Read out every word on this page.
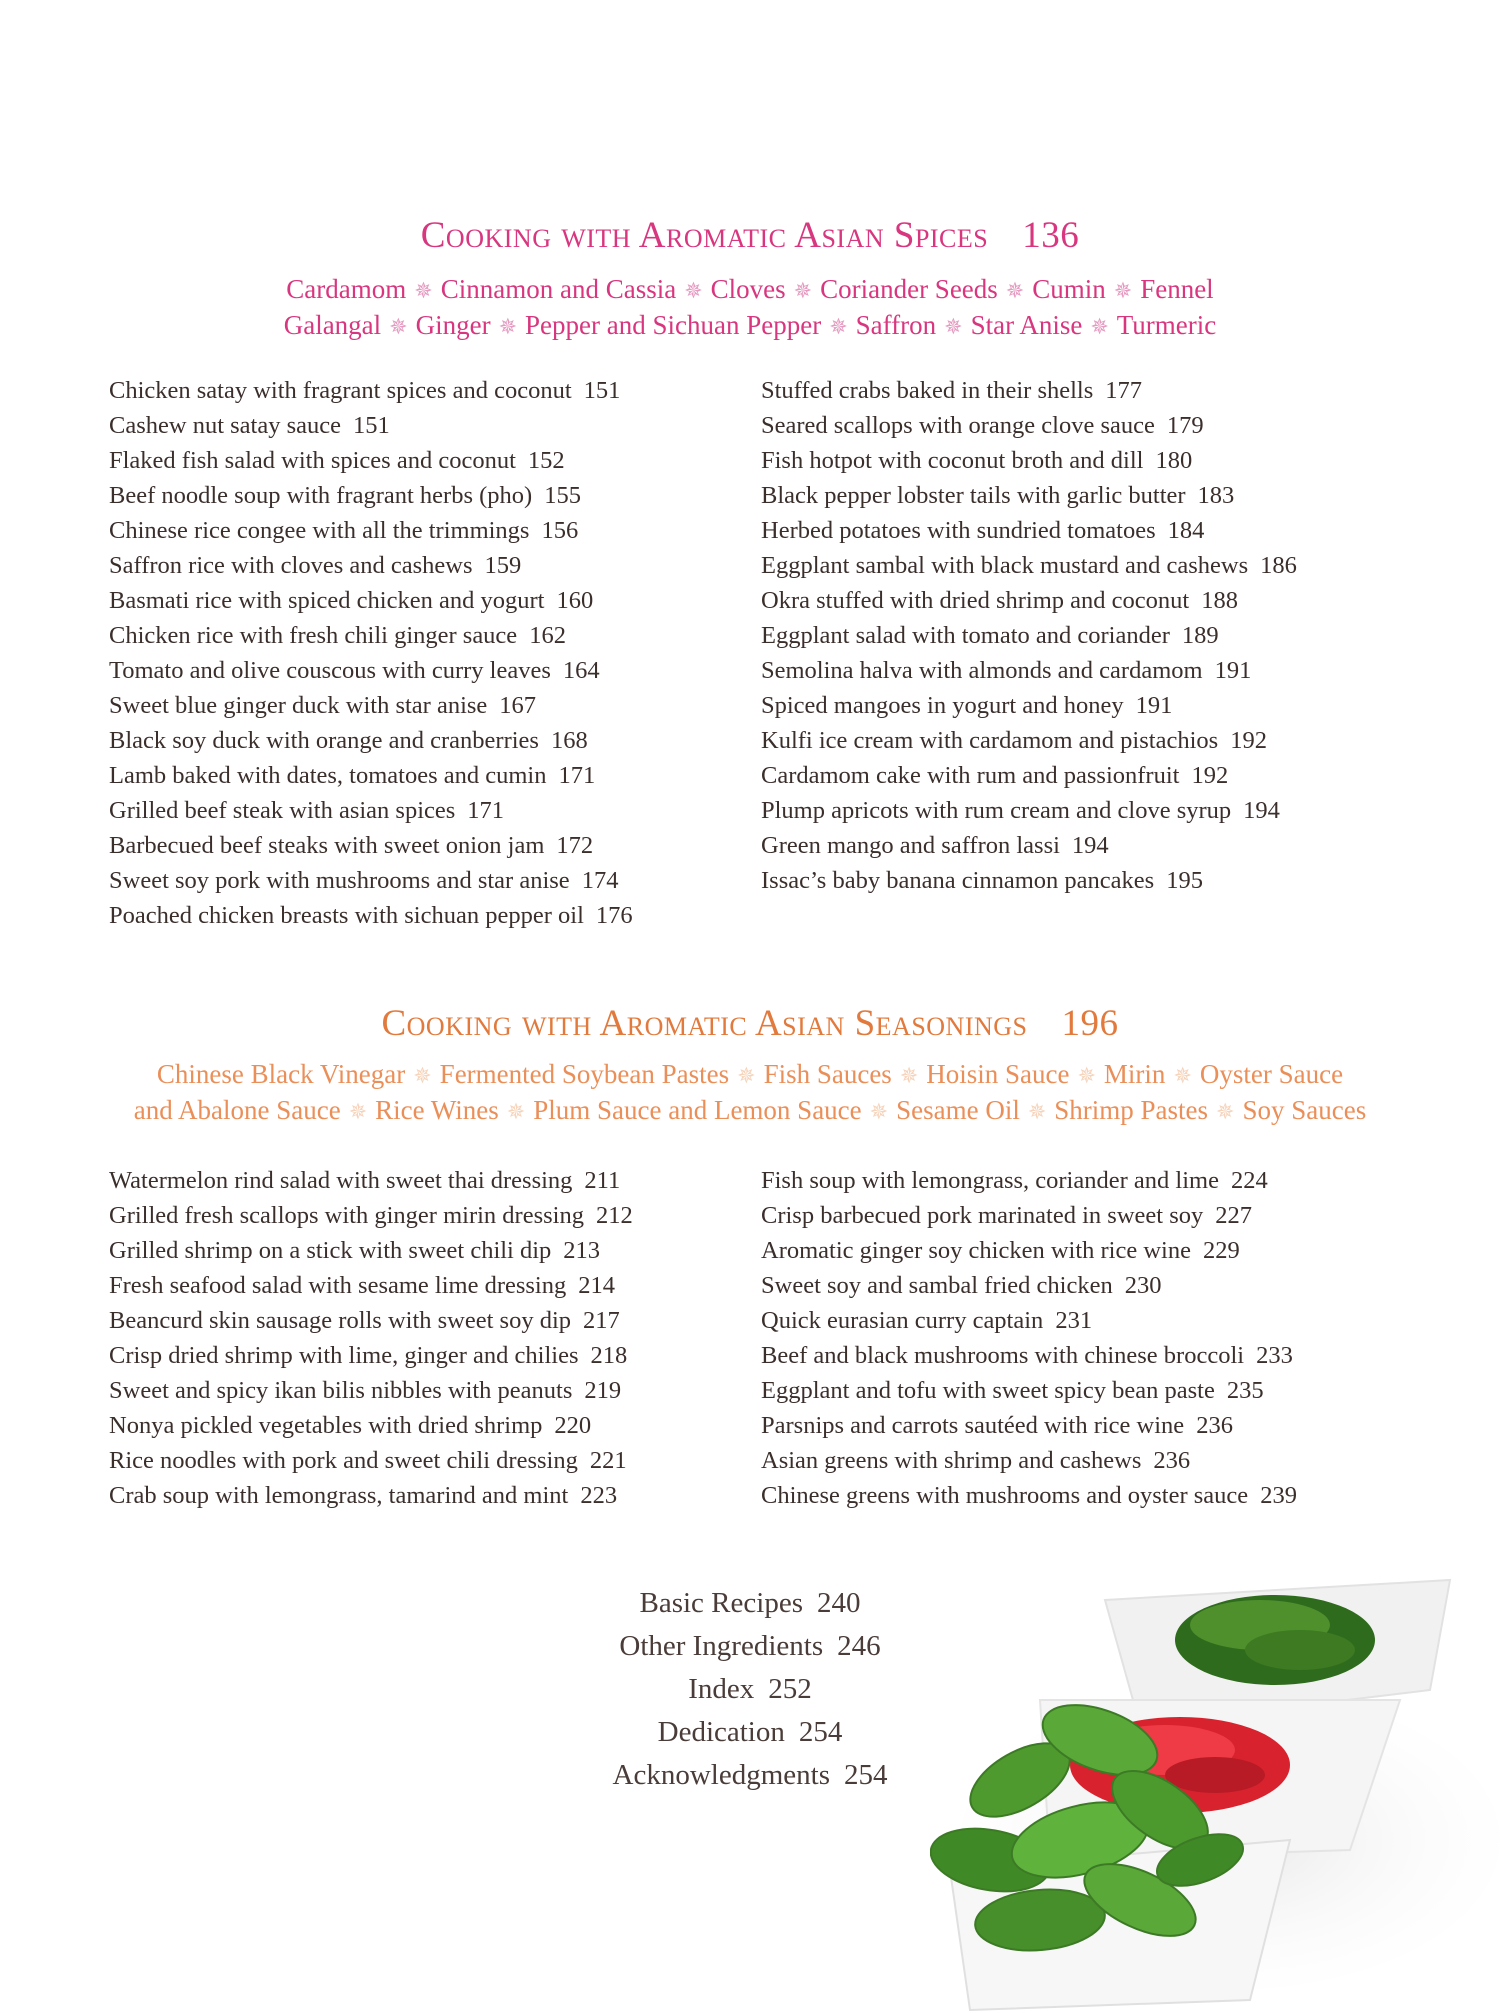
Cooking with Aromatic Asian Spices 136
Cardamom ✵ Cinnamon and Cassia ✵ Cloves ✵ Coriander Seeds ✵ Cumin ✵ Fennel
Galangal ✵ Ginger ✵ Pepper and Sichuan Pepper ✵ Saffron ✵ Star Anise ✵ Turmeric
Chicken satay with fragrant spices and coconut 151
Cashew nut satay sauce 151
Flaked fish salad with spices and coconut 152
Beef noodle soup with fragrant herbs (pho) 155
Chinese rice congee with all the trimmings 156
Saffron rice with cloves and cashews 159
Basmati rice with spiced chicken and yogurt 160
Chicken rice with fresh chili ginger sauce 162
Tomato and olive couscous with curry leaves 164
Sweet blue ginger duck with star anise 167
Black soy duck with orange and cranberries 168
Lamb baked with dates, tomatoes and cumin 171
Grilled beef steak with asian spices 171
Barbecued beef steaks with sweet onion jam 172
Sweet soy pork with mushrooms and star anise 174
Poached chicken breasts with sichuan pepper oil 176
Stuffed crabs baked in their shells 177
Seared scallops with orange clove sauce 179
Fish hotpot with coconut broth and dill 180
Black pepper lobster tails with garlic butter 183
Herbed potatoes with sundried tomatoes 184
Eggplant sambal with black mustard and cashews 186
Okra stuffed with dried shrimp and coconut 188
Eggplant salad with tomato and coriander 189
Semolina halva with almonds and cardamom 191
Spiced mangoes in yogurt and honey 191
Kulfi ice cream with cardamom and pistachios 192
Cardamom cake with rum and passionfruit 192
Plump apricots with rum cream and clove syrup 194
Green mango and saffron lassi 194
Issac’s baby banana cinnamon pancakes 195
Cooking with Aromatic Asian Seasonings 196
Chinese Black Vinegar ✵ Fermented Soybean Pastes ✵ Fish Sauces ✵ Hoisin Sauce ✵ Mirin ✵ Oyster Sauce
and Abalone Sauce ✵ Rice Wines ✵ Plum Sauce and Lemon Sauce ✵ Sesame Oil ✵ Shrimp Pastes ✵ Soy Sauces
Watermelon rind salad with sweet thai dressing 211
Grilled fresh scallops with ginger mirin dressing 212
Grilled shrimp on a stick with sweet chili dip 213
Fresh seafood salad with sesame lime dressing 214
Beancurd skin sausage rolls with sweet soy dip 217
Crisp dried shrimp with lime, ginger and chilies 218
Sweet and spicy ikan bilis nibbles with peanuts 219
Nonya pickled vegetables with dried shrimp 220
Rice noodles with pork and sweet chili dressing 221
Crab soup with lemongrass, tamarind and mint 223
Fish soup with lemongrass, coriander and lime 224
Crisp barbecued pork marinated in sweet soy 227
Aromatic ginger soy chicken with rice wine 229
Sweet soy and sambal fried chicken 230
Quick eurasian curry captain 231
Beef and black mushrooms with chinese broccoli 233
Eggplant and tofu with sweet spicy bean paste 235
Parsnips and carrots sautéed with rice wine 236
Asian greens with shrimp and cashews 236
Chinese greens with mushrooms and oyster sauce 239
Basic Recipes 240
Other Ingredients 246
Index 252
Dedication 254
Acknowledgments 254
